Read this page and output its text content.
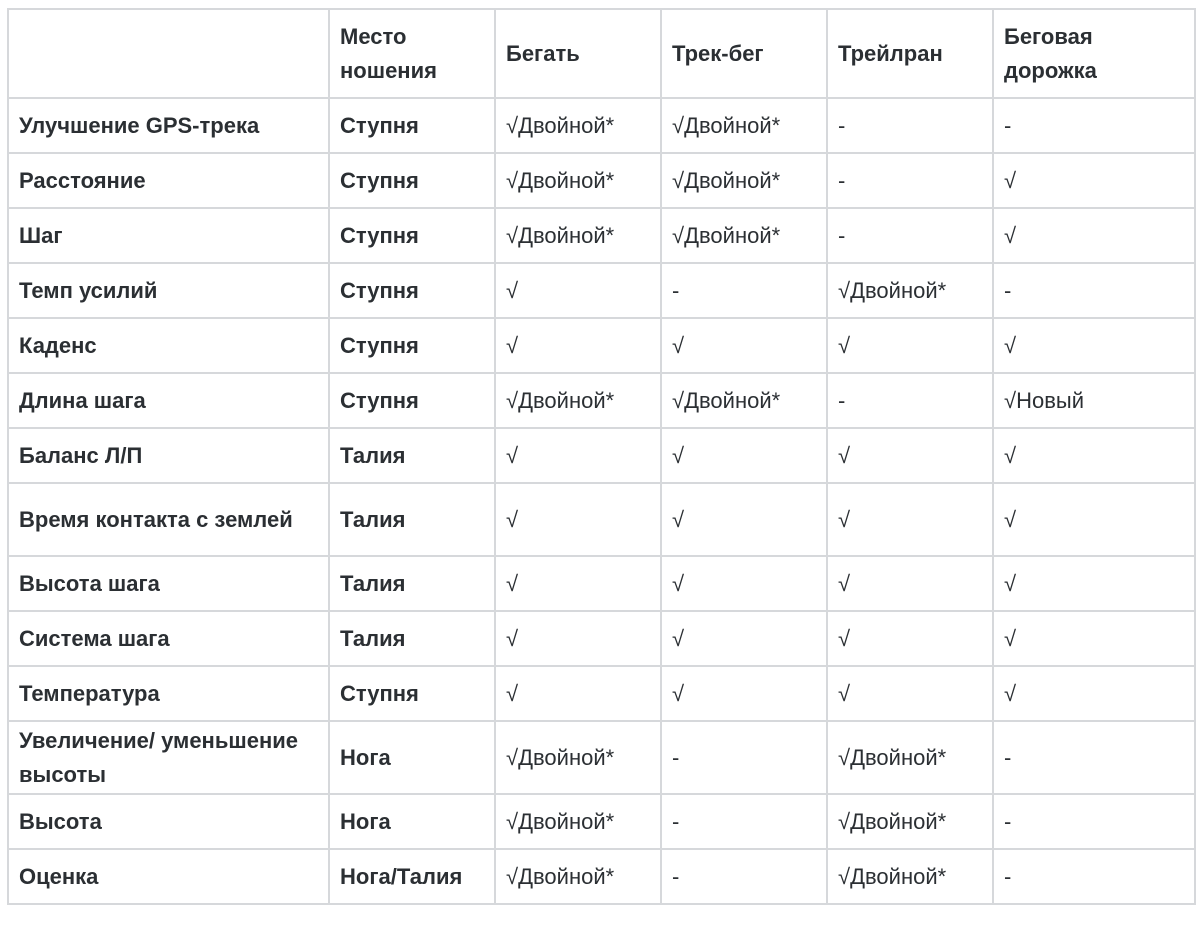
	Место ношения	Бегать	Трек-бег	Трейлран	Беговая дорожка
Улучшение GPS-трека	Ступня	√Двойной*	√Двойной*	-	-
Расстояние	Ступня	√Двойной*	√Двойной*	-	√
Шаг	Ступня	√Двойной*	√Двойной*	-	√
Темп усилий	Ступня	√	-	√Двойной*	-
Каденс	Ступня	√	√	√	√
Длина шага	Ступня	√Двойной*	√Двойной*	-	√Новый
Баланс Л/П	Талия	√	√	√	√
Время контакта с землей	Талия	√	√	√	√
Высота шага	Талия	√	√	√	√
Система шага	Талия	√	√	√	√
Температура	Ступня	√	√	√	√
Увеличение/ уменьшение высоты	Нога	√Двойной*	-	√Двойной*	-
Высота	Нога	√Двойной*	-	√Двойной*	-
Оценка	Нога/Талия	√Двойной*	-	√Двойной*	-
